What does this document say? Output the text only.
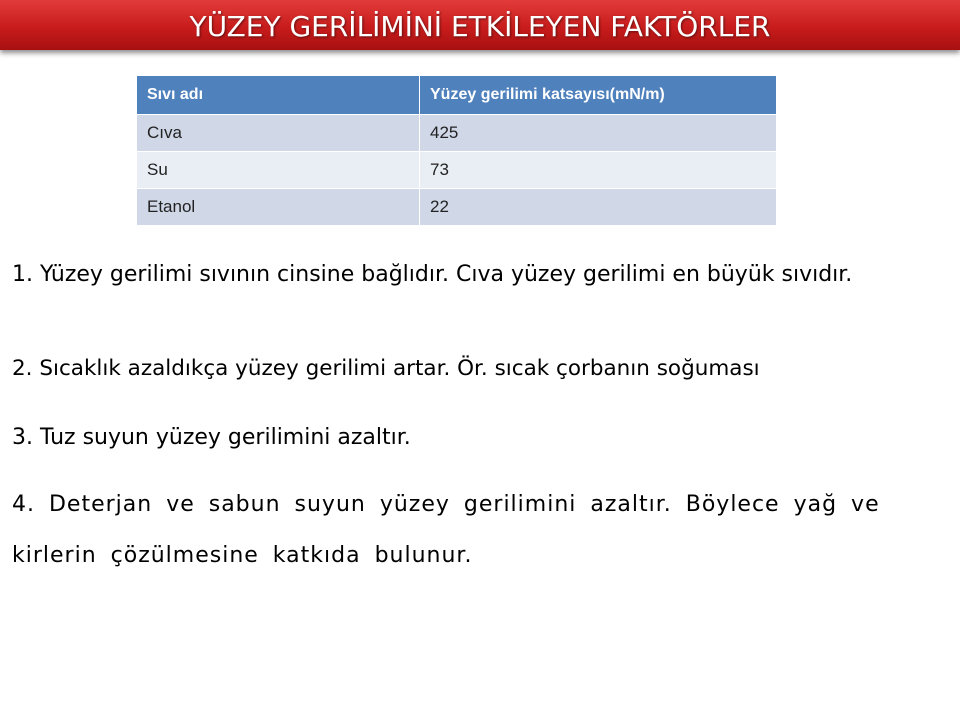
YÜZEY GERİLİMİNİ ETKİLEYEN FAKTÖRLER
Sıvı adı	Yüzey gerilimi katsayısı(mN/m)
Cıva	425
Su	73
Etanol	22

1. Yüzey gerilimi sıvının cinsine bağlıdır. Cıva yüzey gerilimi en büyük sıvıdır.

2. Sıcaklık azaldıkça yüzey gerilimi artar. Ör. sıcak çorbanın soğuması

3. Tuz suyun yüzey gerilimini azaltır.

4. Deterjan ve sabun suyun yüzey gerilimini azaltır. Böylece yağ ve kirlerin çözülmesine katkıda bulunur.
